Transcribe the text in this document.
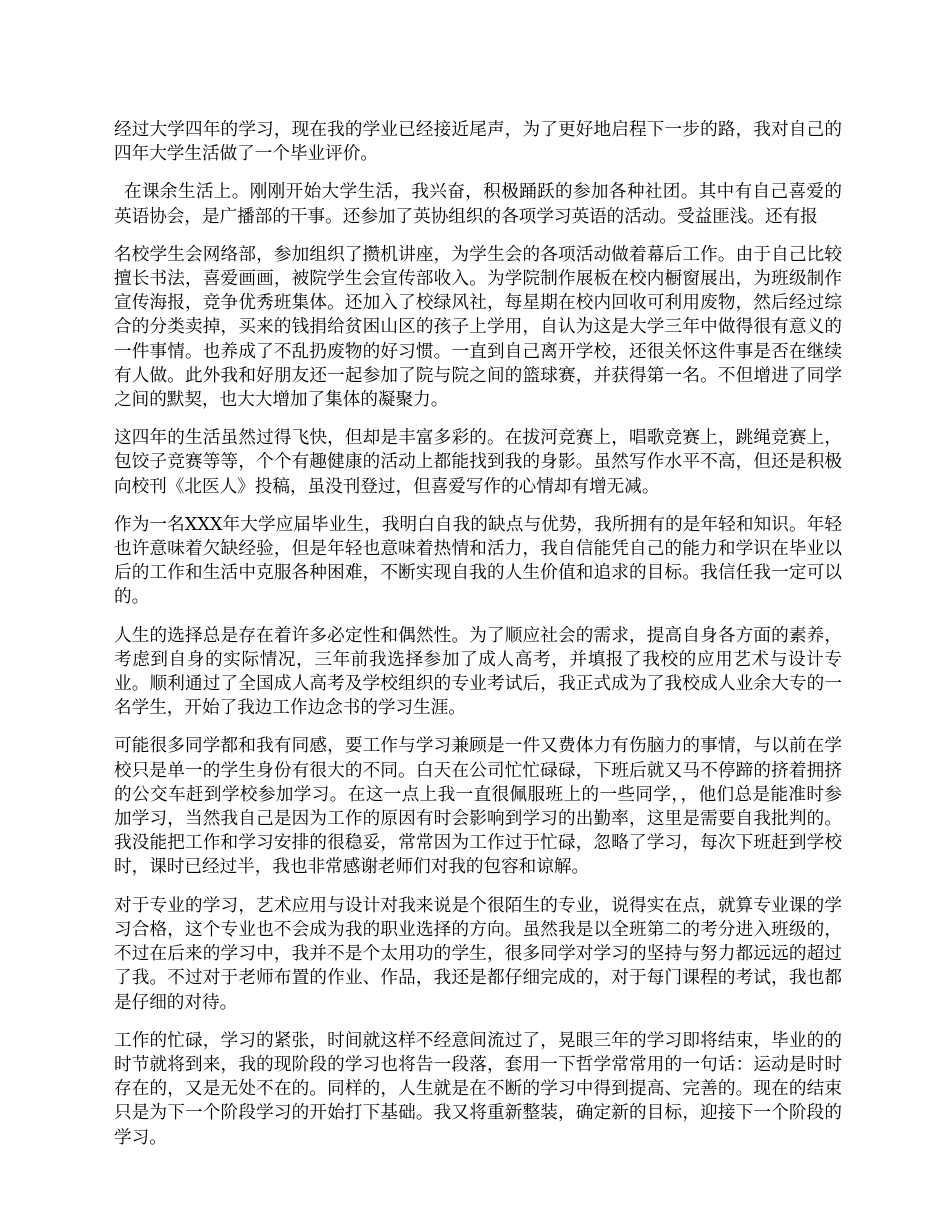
经过大学四年的学习，现在我的学业已经接近尾声，为了更好地启程下一步的路，我对自己的四年大学生活做了一个毕业评价。

在课余生活上。刚刚开始大学生活，我兴奋，积极踊跃的参加各种社团。其中有自己喜爱的英语协会，是广播部的干事。还参加了英协组织的各项学习英语的活动。受益匪浅。还有报

名校学生会网络部，参加组织了攒机讲座，为学生会的各项活动做着幕后工作。由于自己比较擅长书法，喜爱画画，被院学生会宣传部收入。为学院制作展板在校内橱窗展出，为班级制作宣传海报，竞争优秀班集体。还加入了校绿风社，每星期在校内回收可利用废物，然后经过综合的分类卖掉，买来的钱捐给贫困山区的孩子上学用，自认为这是大学三年中做得很有意义的一件事情。也养成了不乱扔废物的好习惯。一直到自己离开学校，还很关怀这件事是否在继续有人做。此外我和好朋友还一起参加了院与院之间的篮球赛，并获得第一名。不但增进了同学之间的默契，也大大增加了集体的凝聚力。

这四年的生活虽然过得飞快，但却是丰富多彩的。在拔河竞赛上，唱歌竞赛上，跳绳竞赛上，包饺子竞赛等等，个个有趣健康的活动上都能找到我的身影。虽然写作水平不高，但还是积极向校刊《北医人》投稿，虽没刊登过，但喜爱写作的心情却有增无减。

作为一名XXX年大学应届毕业生，我明白自我的缺点与优势，我所拥有的是年轻和知识。年轻也许意味着欠缺经验，但是年轻也意味着热情和活力，我自信能凭自己的能力和学识在毕业以后的工作和生活中克服各种困难，不断实现自我的人生价值和追求的目标。我信任我一定可以的。

人生的选择总是存在着许多必定性和偶然性。为了顺应社会的需求，提高自身各方面的素养，考虑到自身的实际情况，三年前我选择参加了成人高考，并填报了我校的应用艺术与设计专业。顺利通过了全国成人高考及学校组织的专业考试后，我正式成为了我校成人业余大专的一名学生，开始了我边工作边念书的学习生涯。

可能很多同学都和我有同感，要工作与学习兼顾是一件又费体力有伤脑力的事情，与以前在学校只是单一的学生身份有很大的不同。白天在公司忙忙碌碌，下班后就又马不停蹄的挤着拥挤的公交车赶到学校参加学习。在这一点上我一直很佩服班上的一些同学，，他们总是能准时参加学习，当然我自己是因为工作的原因有时会影响到学习的出勤率，这里是需要自我批判的。我没能把工作和学习安排的很稳妥，常常因为工作过于忙碌，忽略了学习，每次下班赶到学校时，课时已经过半，我也非常感谢老师们对我的包容和谅解。

对于专业的学习，艺术应用与设计对我来说是个很陌生的专业，说得实在点，就算专业课的学习合格，这个专业也不会成为我的职业选择的方向。虽然我是以全班第二的考分进入班级的，不过在后来的学习中，我并不是个太用功的学生，很多同学对学习的坚持与努力都远远的超过了我。不过对于老师布置的作业、作品，我还是都仔细完成的，对于每门课程的考试，我也都是仔细的对待。

工作的忙碌，学习的紧张，时间就这样不经意间流过了，晃眼三年的学习即将结束，毕业的的时节就将到来，我的现阶段的学习也将告一段落，套用一下哲学常常用的一句话：运动是时时存在的，又是无处不在的。同样的，人生就是在不断的学习中得到提高、完善的。现在的结束只是为下一个阶段学习的开始打下基础。我又将重新整装，确定新的目标，迎接下一个阶段的学习。
